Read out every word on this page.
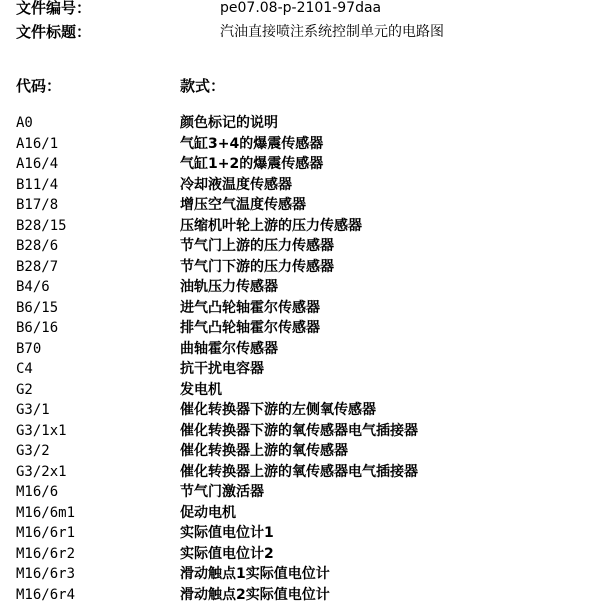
文件编号：	pe07.08-p-2101-97daa
文件标题：	汽油直接喷注系统控制单元的电路图
代码：	款式：
A0	颜色标记的说明
A16/1	气缸3+4的爆震传感器
A16/4	气缸1+2的爆震传感器
B11/4	冷却液温度传感器
B17/8	增压空气温度传感器
B28/15	压缩机叶轮上游的压力传感器
B28/6	节气门上游的压力传感器
B28/7	节气门下游的压力传感器
B4/6	油轨压力传感器
B6/15	进气凸轮轴霍尔传感器
B6/16	排气凸轮轴霍尔传感器
B70	曲轴霍尔传感器
C4	抗干扰电容器
G2	发电机
G3/1	催化转换器下游的左侧氧传感器
G3/1x1	催化转换器下游的氧传感器电气插接器
G3/2	催化转换器上游的氧传感器
G3/2x1	催化转换器上游的氧传感器电气插接器
M16/6	节气门激活器
M16/6m1	促动电机
M16/6r1	实际值电位计1
M16/6r2	实际值电位计2
M16/6r3	滑动触点1实际值电位计
M16/6r4	滑动触点2实际值电位计
